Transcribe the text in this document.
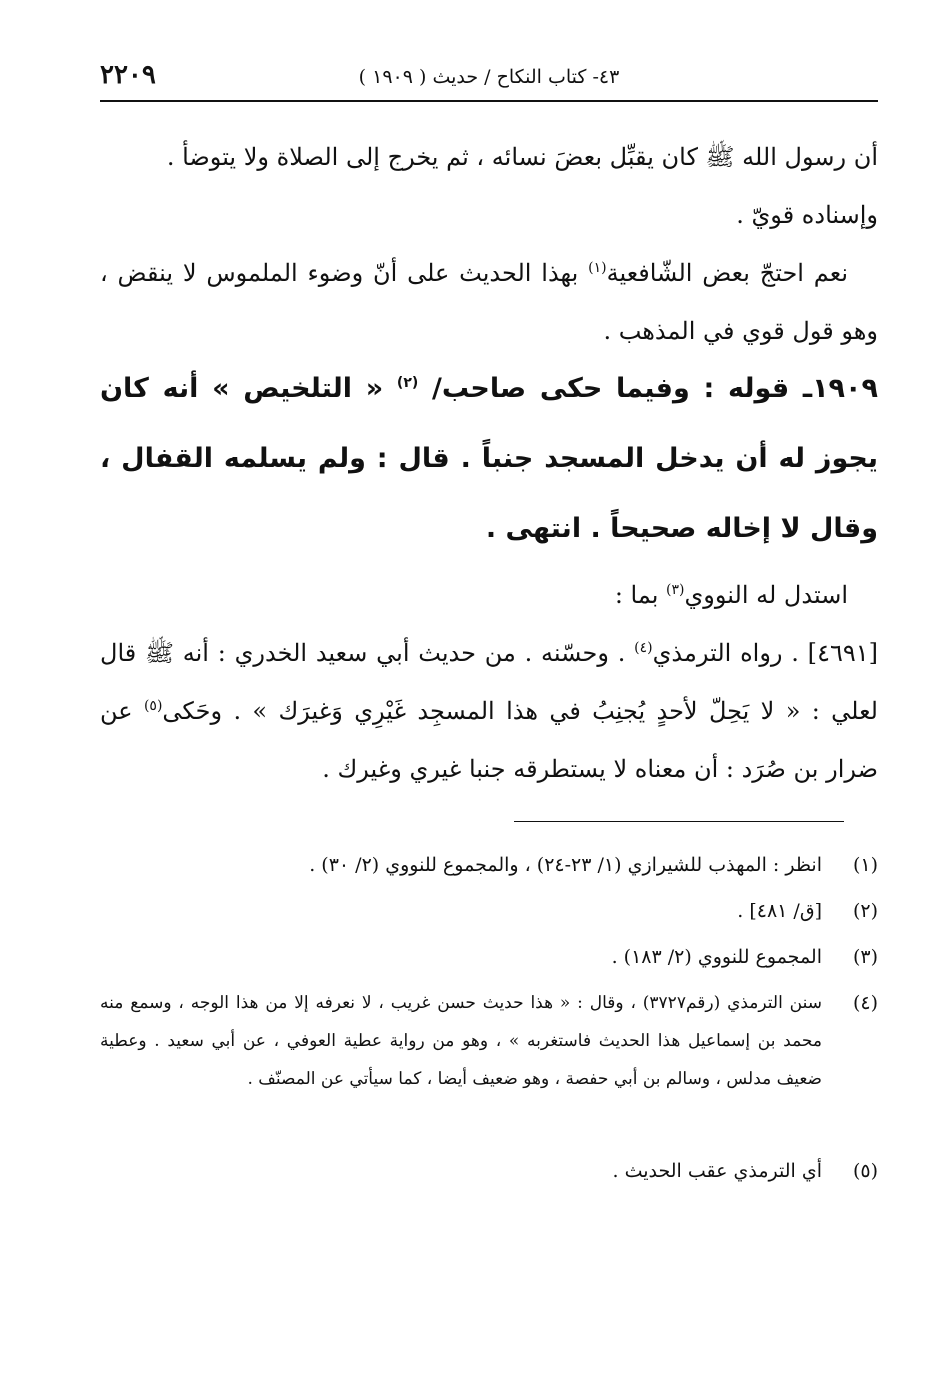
٢٢٠٩	٤٣- كتاب النكاح / حديث ( ١٩٠٩ )

أن رسول الله ﷺ كان يقبِّل بعضَ نسائه ، ثم يخرج إلى الصلاة ولا يتوضأ .

وإسناده قويّ .

نعم احتجّ بعض الشّافعية$^{(١)}$ بهذا الحديث على أنّ وضوء الملموس لا ينقض ، وهو قول قوي في المذهب .

١٩٠٩ـ قوله : وفيما حكى صاحب/ $^{(٢)}$ « التلخيص » أنه كان يجوز له أن يدخل المسجد جنباً . قال : ولم يسلمه القفال ، وقال لا إخاله صحيحاً . انتهى .

استدل له النووي$^{(٣)}$ بما :

[٤٦٩١] . رواه الترمذي$^{(٤)}$ . وحسّنه . من حديث أبي سعيد الخدري : أنه ﷺ قال لعلي : « لا يَحِلّ لأحدٍ يُجنِبُ في هذا المسجِد غَيْرِي وَغيرَك » . وحَكى$^{(٥)}$ عن ضرار بن صُرَد : أن معناه لا يستطرقه جنبا غيري وغيرك .

(١)
انظر : المهذب للشيرازي (١/ ٢٣-٢٤) ، والمجموع للنووي (٢/ ٣٠) .
(٢)
[ق/ ٤٨١] .
(٣)
المجموع للنووي (٢/ ١٨٣) .
(٤)
سنن الترمذي (رقم٣٧٢٧) ، وقال : « هذا حديث حسن غريب ، لا نعرفه إلا من هذا الوجه ، وسمع منه محمد بن إسماعيل هذا الحديث فاستغربه » ، وهو من رواية عطية العوفي ، عن أبي سعيد . وعطية ضعيف مدلس ، وسالم بن أبي حفصة ، وهو ضعيف أيضا ، كما سيأتي عن المصنّف .
(٥)
أي الترمذي عقب الحديث .
